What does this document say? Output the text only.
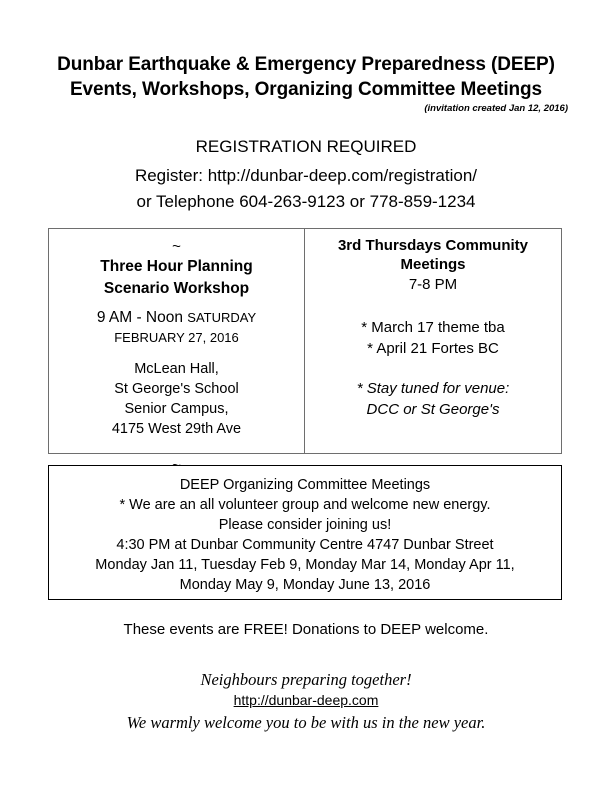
Dunbar Earthquake & Emergency Preparedness (DEEP)
Events, Workshops, Organizing Committee Meetings
(invitation created Jan 12, 2016)
REGISTRATION REQUIRED
Register: http://dunbar-deep.com/registration/
or Telephone 604-263-9123 or 778-859-1234
~
Three Hour Planning
Scenario Workshop
9 AM - Noon SATURDAY
FEBRUARY 27, 2016
McLean Hall,
St George's School
Senior Campus,
4175 West 29th Ave
~
3rd Thursdays Community
Meetings
7-8 PM
* March 17 theme tba
* April 21 Fortes BC
* Stay tuned for venue:
DCC or St George's
DEEP Organizing Committee Meetings
* We are an all volunteer group and welcome new energy.
Please consider joining us!
4:30 PM at Dunbar Community Centre 4747 Dunbar Street
Monday Jan 11, Tuesday Feb 9, Monday Mar 14, Monday Apr 11,
Monday May 9, Monday June 13, 2016
These events are FREE! Donations to DEEP welcome.
Neighbours preparing together!
http://dunbar-deep.com
We warmly welcome you to be with us in the new year.
